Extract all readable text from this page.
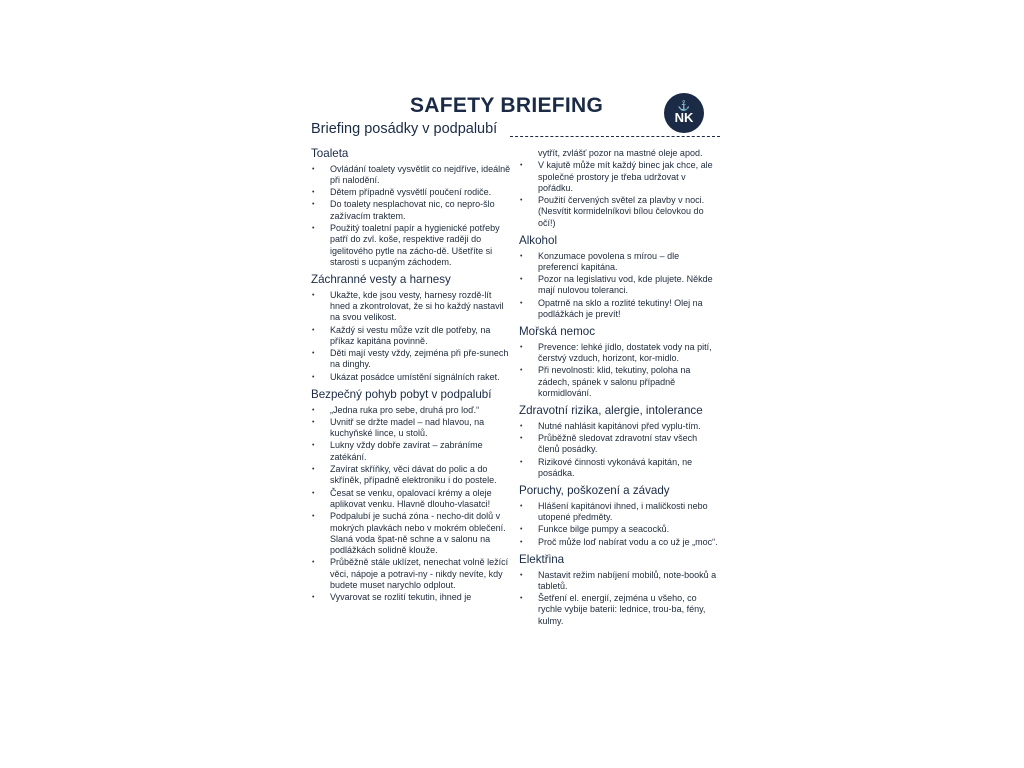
SAFETY BRIEFING	⚓
NK
Briefing posádky v podpalubí
Toaleta
• Ovládání toalety vysvětlit co nejdříve, ideálně při nalodění.
• Dětem případně vysvětlí poučení rodiče.
• Do toalety nesplachovat nic, co nepro-šlo zažívacím traktem.
• Použitý toaletní papír a hygienické potřeby patří do zvl. koše, respektive raději do igelitového pytle na zácho-dě. Ušetříte si starosti s ucpaným záchodem.
Záchranné vesty a harnesy
• Ukažte, kde jsou vesty, harnesy rozdě-lít hned a zkontrolovat, že si ho každý nastavil na svou velikost.
• Každý si vestu může vzít dle potřeby, na příkaz kapitána povinně.
• Děti mají vesty vždy, zejména při pře-sunech na dinghy.
• Ukázat posádce umístění signálních raket.
Bezpečný pohyb pobyt v podpalubí
• „Jedna ruka pro sebe, druhá pro loď.“
• Uvnitř se držte madel – nad hlavou, na kuchyňské lince, u stolů.
• Lukny vždy dobře zavírat – zabráníme zatékání.
• Zavírat skříňky, věci dávat do polic a do skříněk, případně elektroniku i do postele.
• Česat se venku, opalovací krémy a oleje aplikovat venku. Hlavně dlouho-vlasatci!
• Podpalubí je suchá zóna - necho-dit dolů v mokrých plavkách nebo v mokrém oblečení. Slaná voda špat-ně schne a v salonu na podlážkách solidně klouže.
• Průběžně stále uklízet, nenechat volně ležící věci, nápoje a potravi-ny - nikdy nevíte, kdy budete muset narychlo odplout.
• Vyvarovat se rozlití tekutin, ihned je
vytřít, zvlášť pozor na mastné oleje apod.
• V kajutě může mít každý binec jak chce, ale společné prostory je třeba udržovat v pořádku.
• Použití červených světel za plavby v noci. (Nesvítit kormidelníkovi bílou čelovkou do očí!)
Alkohol
• Konzumace povolena s mírou – dle preferencí kapitána.
• Pozor na legislativu vod, kde plujete. Někde mají nulovou toleranci.
• Opatrně na sklo a rozlité tekutiny! Olej na podlážkách je prevít!
Mořská nemoc
• Prevence: lehké jídlo, dostatek vody na pití, čerstvý vzduch, horizont, kor-midlo.
• Při nevolnosti: klid, tekutiny, poloha na zádech, spánek v salonu případně kormidlování.
Zdravotní rizika, alergie, intolerance
• Nutné nahlásit kapitánovi před vyplu-tím.
• Průběžně sledovat zdravotní stav všech členů posádky.
• Rizikové činnosti vykonává kapitán, ne posádka.
Poruchy, poškození a závady
• Hlášení kapitánovi ihned, i maličkosti nebo utopené předměty.
• Funkce bilge pumpy a seacocků.
• Proč může loď nabírat vodu a co už je „moc“.
Elektřina
• Nastavit režim nabíjení mobilů, note-booků a tabletů.
• Šetření el. energií, zejména u všeho, co rychle vybije baterii: lednice, trou-ba, fény, kulmy.
